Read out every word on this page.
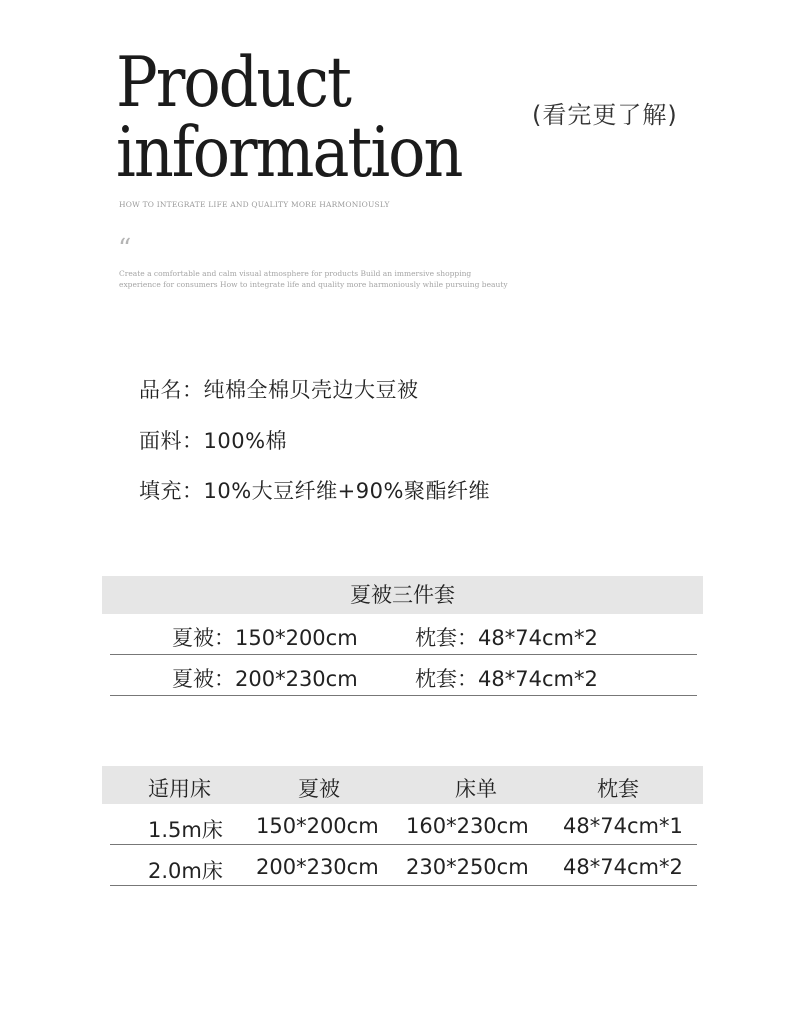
Product
information	(看完更了解)
HOW TO INTEGRATE LIFE AND QUALITY MORE HARMONIOUSLY
“
Create a comfortable and calm visual atmosphere for products Build an immersive shopping experience for consumers How to integrate life and quality more harmoniously while pursuing beauty
品名：纯棉全棉贝壳边大豆被
面料：100%棉
填充：10%大豆纤维+90%聚酯纤维
夏被三件套
夏被：150*200cm	枕套：48*74cm*2
夏被：200*230cm	枕套：48*74cm*2
适用床	夏被	床单	枕套
1.5m床 150*200cm 160*230cm 48*74cm*1
2.0m床 200*230cm 230*250cm 48*74cm*2
